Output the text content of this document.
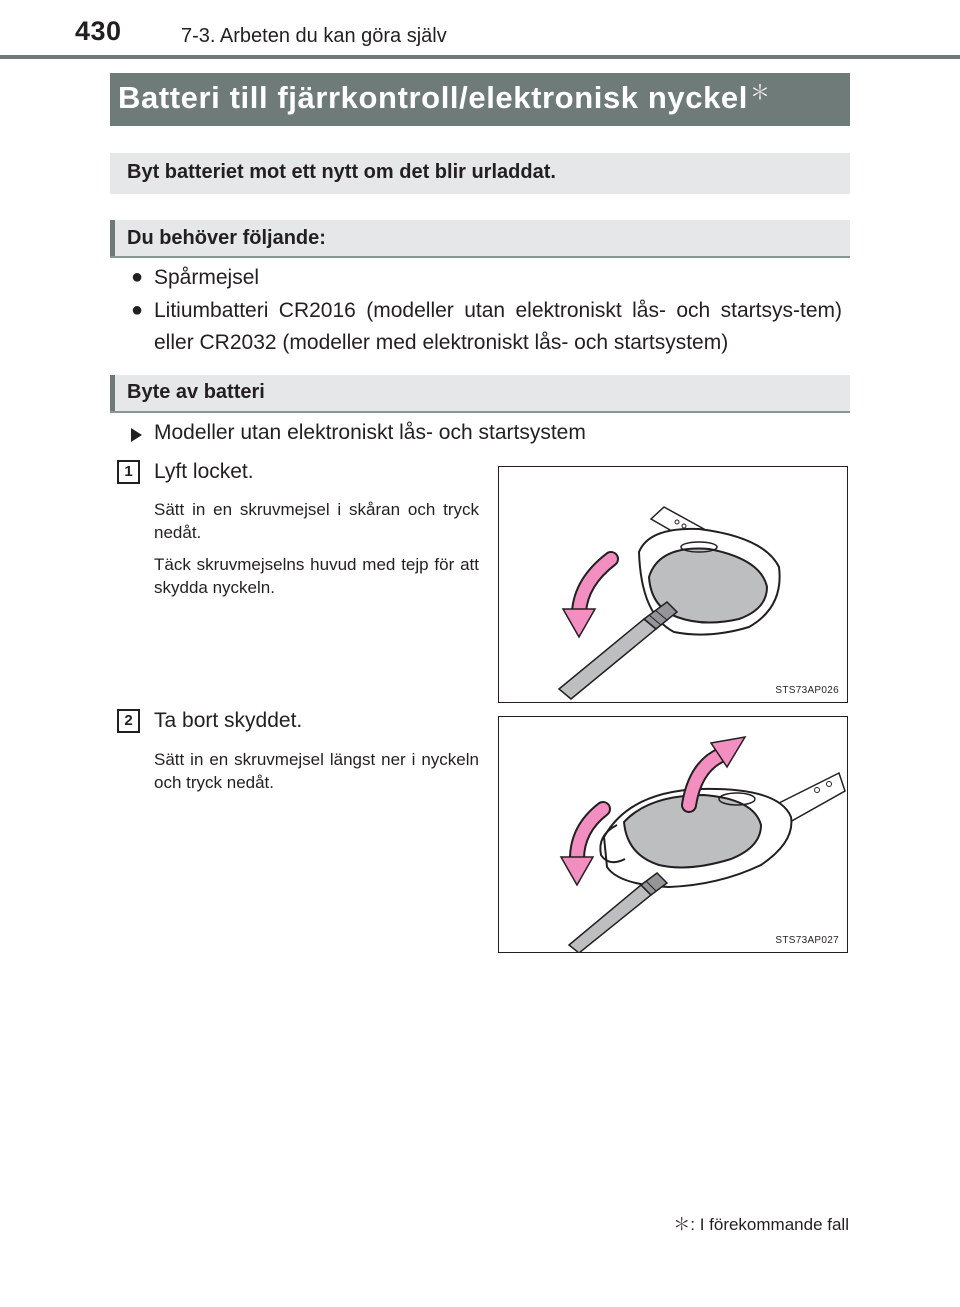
430	7-3. Arbeten du kan göra själv
Batteri till fjärrkontroll/elektronisk nyckel ＊
Byt batteriet mot ett nytt om det blir urladdat.
Du behöver följande:
● Spårmejsel
● Litiumbatteri CR2016 (modeller utan elektroniskt lås- och startsys-tem) eller CR2032 (modeller med elektroniskt lås- och startsystem)
Byte av batteri
Modeller utan elektroniskt lås- och startsystem
1	Lyft locket.
Sätt in en skruvmejsel i skåran och tryck nedåt.
Täck skruvmejselns huvud med tejp för att skydda nyckeln.
STS73AP026
2	Ta bort skyddet.
Sätt in en skruvmejsel längst ner i nyckeln och tryck nedåt.
STS73AP027
＊: I förekommande fall
